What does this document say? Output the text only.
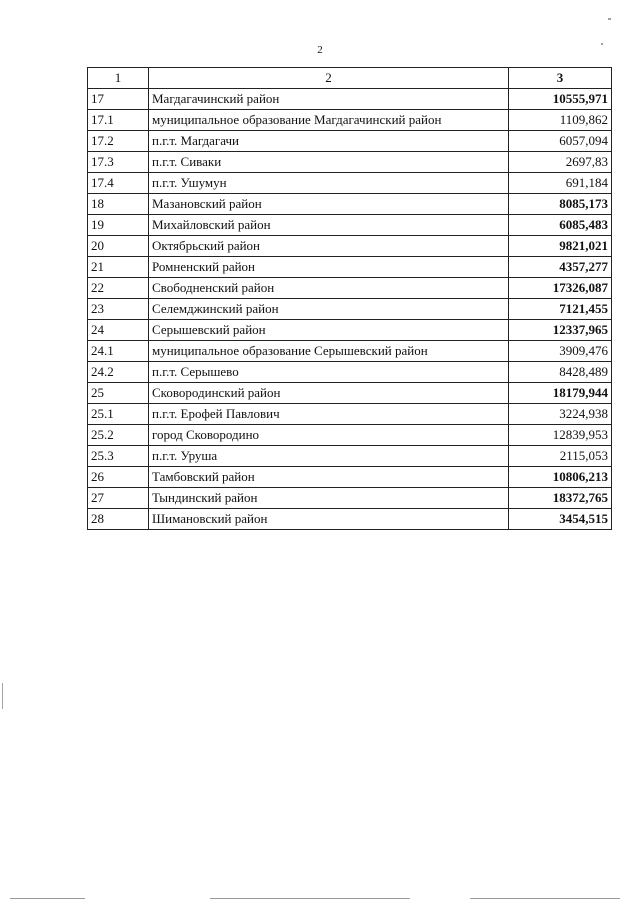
2
1	2	3
17	Магдагачинский район	10555,971
17.1	муниципальное образование Магдагачинский район	1109,862
17.2	п.г.т. Магдагачи	6057,094
17.3	п.г.т. Сиваки	2697,83
17.4	п.г.т. Ушумун	691,184
18	Мазановский район	8085,173
19	Михайловский район	6085,483
20	Октябрьский район	9821,021
21	Ромненский район	4357,277
22	Свободненский район	17326,087
23	Селемджинский район	7121,455
24	Серышевский район	12337,965
24.1	муниципальное образование Серышевский район	3909,476
24.2	п.г.т. Серышево	8428,489
25	Сковородинский район	18179,944
25.1	п.г.т. Ерофей Павлович	3224,938
25.2	город Сковородино	12839,953
25.3	п.г.т. Уруша	2115,053
26	Тамбовский район	10806,213
27	Тындинский район	18372,765
28	Шимановский район	3454,515
